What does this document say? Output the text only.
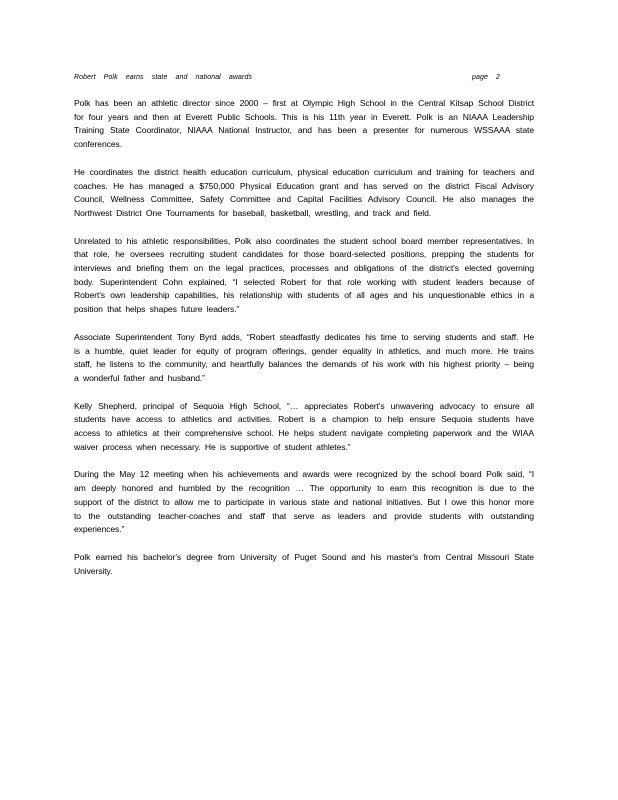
Robert Polk earns state and national awards	page 2

Polk has been an athletic director since 2000 – first at Olympic High School in the Central Kitsap School District for four years and then at Everett Public Schools. This is his 11th year in Everett. Polk is an NIAAA Leadership Training State Coordinator, NIAAA National Instructor, and has been a presenter for numerous WSSAAA state conferences.

He coordinates the district health education curriculum, physical education curriculum and training for teachers and coaches. He has managed a $750,000 Physical Education grant and has served on the district Fiscal Advisory Council, Wellness Committee, Safety Committee and Capital Facilities Advisory Council. He also manages the Northwest District One Tournaments for baseball, basketball, wrestling, and track and field.

Unrelated to his athletic responsibilities, Polk also coordinates the student school board member representatives. In that role, he oversees recruiting student candidates for those board-selected positions, prepping the students for interviews and briefing them on the legal practices, processes and obligations of the district's elected governing body. Superintendent Cohn explained, “I selected Robert for that role working with student leaders because of Robert's own leadership capabilities, his relationship with students of all ages and his unquestionable ethics in a position that helps shapes future leaders.”

Associate Superintendent Tony Byrd adds, “Robert steadfastly dedicates his time to serving students and staff. He is a humble, quiet leader for equity of program offerings, gender equality in athletics, and much more. He trains staff, he listens to the community, and heartfully balances the demands of his work with his highest priority – being a wonderful father and husband.”

Kelly Shepherd, principal of Sequoia High School, “… appreciates Robert's unwavering advocacy to ensure all students have access to athletics and activities. Robert is a champion to help ensure Sequoia students have access to athletics at their comprehensive school. He helps student navigate completing paperwork and the WIAA waiver process when necessary. He is supportive of student athletes.”

During the May 12 meeting when his achievements and awards were recognized by the school board Polk said, “I am deeply honored and humbled by the recognition … The opportunity to earn this recognition is due to the support of the district to allow me to participate in various state and national initiatives. But I owe this honor more to the outstanding teacher-coaches and staff that serve as leaders and provide students with outstanding experiences.”

Polk earned his bachelor's degree from University of Puget Sound and his master's from Central Missouri State University.
